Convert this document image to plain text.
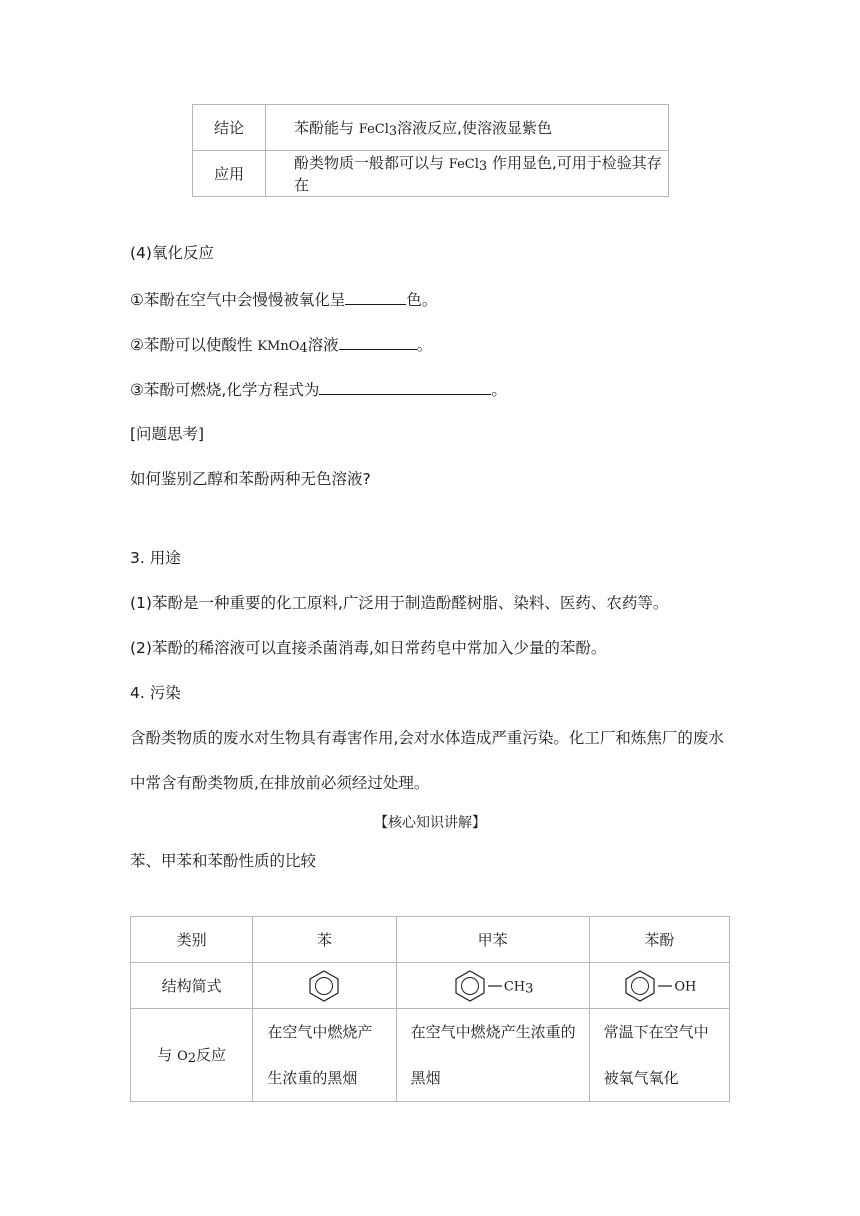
结论	苯酚能与 FeCl3溶液反应,使溶液显紫色
应用	酚类物质一般都可以与 FeCl3 作用显色,可用于检验其存在
(4)氧化反应
①苯酚在空气中会慢慢被氧化呈	色。
②苯酚可以使酸性 KMnO4溶液	。
③苯酚可燃烧,化学方程式为	。
[问题思考]
如何鉴别乙醇和苯酚两种无色溶液?
3. 用途
(1)苯酚是一种重要的化工原料,广泛用于制造酚醛树脂、染料、医药、农药等。
(2)苯酚的稀溶液可以直接杀菌消毒,如日常药皂中常加入少量的苯酚。
4. 污染
含酚类物质的废水对生物具有毒害作用,会对水体造成严重污染。化工厂和炼焦厂的废水
中常含有酚类物质,在排放前必须经过处理。
【核心知识讲解】
苯、甲苯和苯酚性质的比较
类别	苯	甲苯	苯酚
结构简式		CH3	OH
与 O2反应	在空气中燃烧产生浓重的黑烟	在空气中燃烧产生浓重的黑烟	常温下在空气中被氧气氧化
